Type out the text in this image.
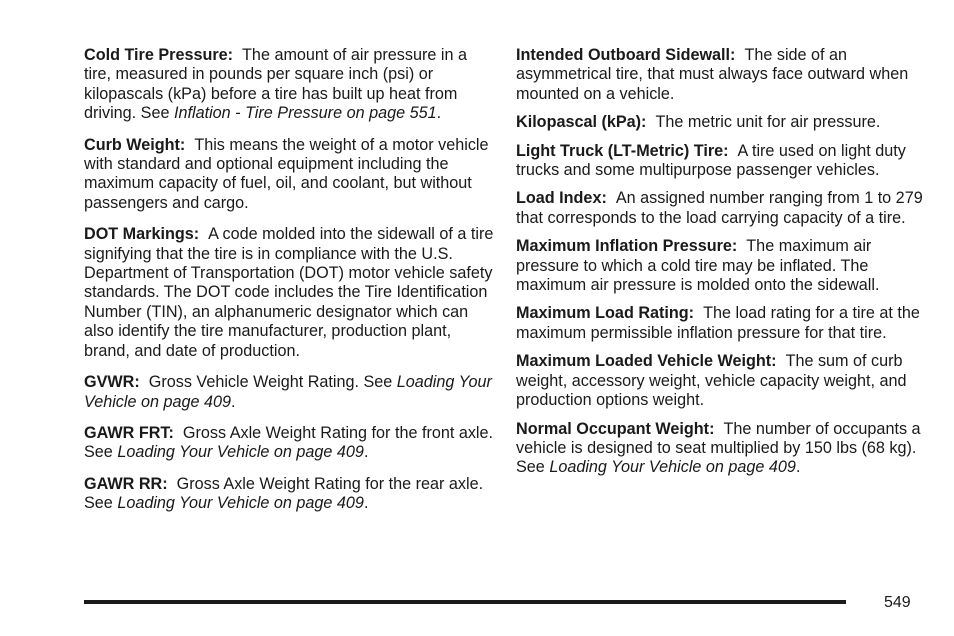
Cold Tire Pressure: The amount of air pressure in a tire, measured in pounds per square inch (psi) or kilopascals (kPa) before a tire has built up heat from driving. See Inflation - Tire Pressure on page 551.

Curb Weight: This means the weight of a motor vehicle with standard and optional equipment including the maximum capacity of fuel, oil, and coolant, but without passengers and cargo.

DOT Markings: A code molded into the sidewall of a tire signifying that the tire is in compliance with the U.S. Department of Transportation (DOT) motor vehicle safety standards. The DOT code includes the Tire Identification Number (TIN), an alphanumeric designator which can also identify the tire manufacturer, production plant, brand, and date of production.

GVWR: Gross Vehicle Weight Rating. See Loading Your Vehicle on page 409.

GAWR FRT: Gross Axle Weight Rating for the front axle. See Loading Your Vehicle on page 409.

GAWR RR: Gross Axle Weight Rating for the rear axle. See Loading Your Vehicle on page 409.

Intended Outboard Sidewall: The side of an asymmetrical tire, that must always face outward when mounted on a vehicle.

Kilopascal (kPa): The metric unit for air pressure.

Light Truck (LT-Metric) Tire: A tire used on light duty trucks and some multipurpose passenger vehicles.

Load Index: An assigned number ranging from 1 to 279 that corresponds to the load carrying capacity of a tire.

Maximum Inflation Pressure: The maximum air pressure to which a cold tire may be inflated. The maximum air pressure is molded onto the sidewall.

Maximum Load Rating: The load rating for a tire at the maximum permissible inflation pressure for that tire.

Maximum Loaded Vehicle Weight: The sum of curb weight, accessory weight, vehicle capacity weight, and production options weight.

Normal Occupant Weight: The number of occupants a vehicle is designed to seat multiplied by 150 lbs (68 kg). See Loading Your Vehicle on page 409.

549
